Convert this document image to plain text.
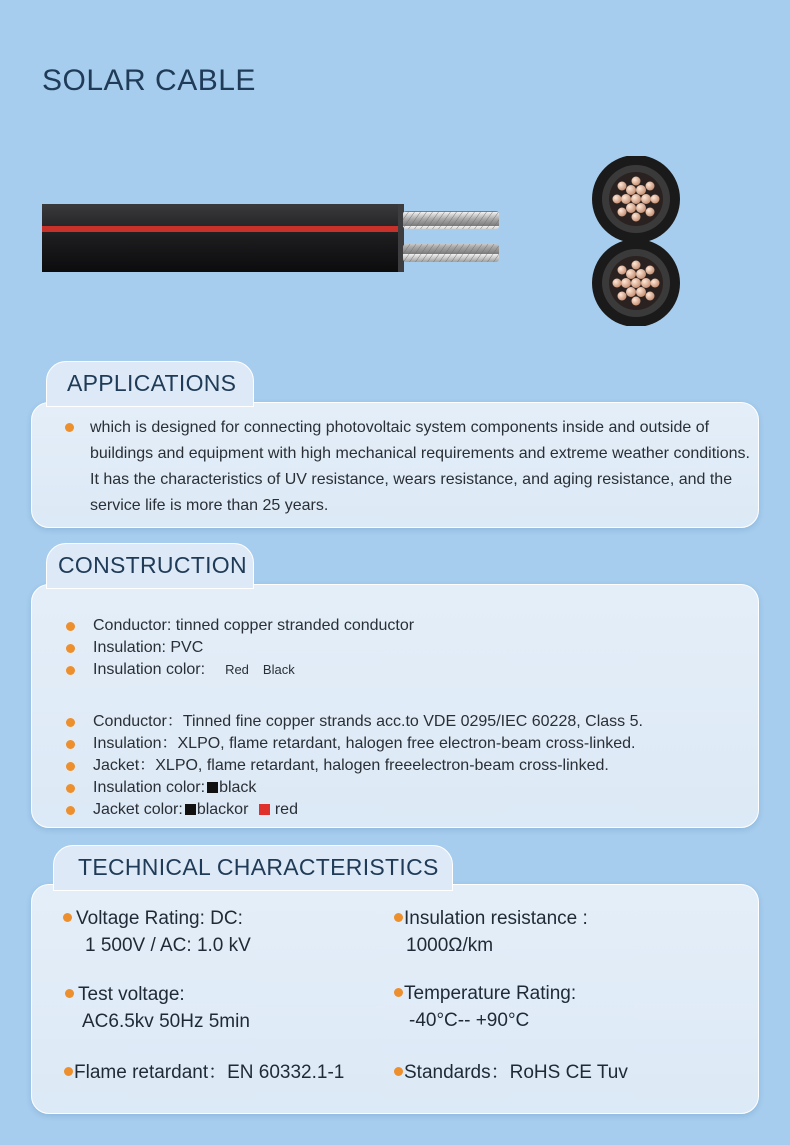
SOLAR CABLE
which is designed for connecting photovoltaic system components inside and outside of buildings and equipment with high mechanical requirements and extreme weather conditions. It has the characteristics of UV resistance, wears resistance, and aging resistance, and the service life is more than 25 years.
APPLICATIONS
Conductor: tinned copper stranded conductor
Insulation: PVC
Insulation color: Red Black
Conductor：Tinned fine copper strands acc.to VDE 0295/IEC 60228, Class 5.
Insulation：XLPO, flame retardant, halogen free electron-beam cross-linked.
Jacket：XLPO, flame retardant, halogen freeelectron-beam cross-linked.
Insulation color: black
Jacket color: blackor red
CONSTRUCTION
Voltage Rating: DC:
1 500V / AC: 1.0 kV
Insulation resistance :
1000Ω/km
Test voltage:
AC6.5kv 50Hz 5min
Temperature Rating:
-40°C-- +90°C
Flame retardant：EN 60332.1-1	Standards：RoHS CE Tuv
TECHNICAL CHARACTERISTICS
